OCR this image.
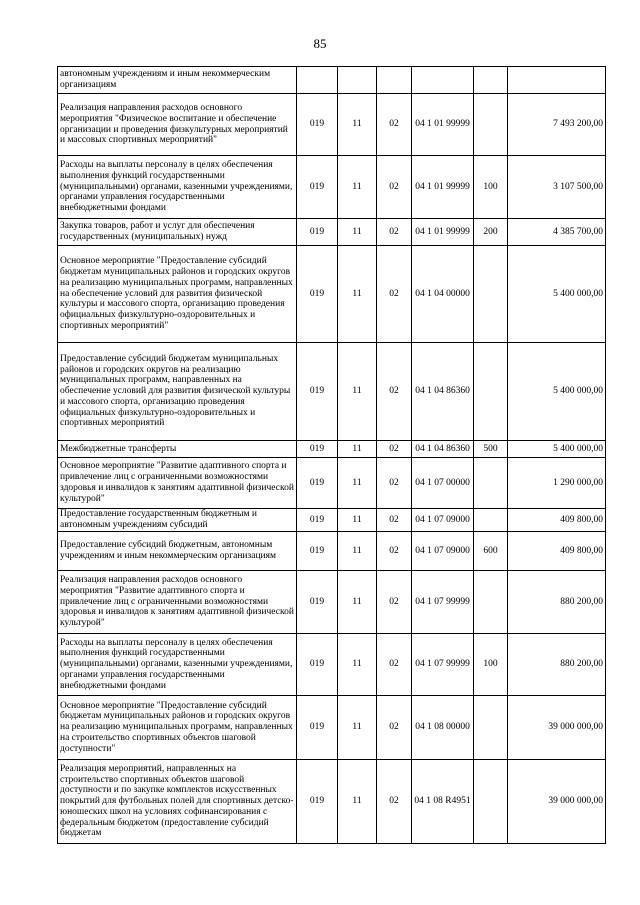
85
автономным учреждениям и иным некоммерческим организациям						
Реализация направления расходов основного мероприятия "Физическое воспитание и обеспечение организации и проведения физкультурных мероприятий и массовых спортивных мероприятий"	019	11	02	04 1 01 99999		7 493 200,00
Расходы на выплаты персоналу в целях обеспечения выполнения функций государственными (муниципальными) органами, казенными учреждениями, органами управления государственными внебюджетными фондами	019	11	02	04 1 01 99999	100	3 107 500,00
Закупка товаров, работ и услуг для обеспечения государственных (муниципальных) нужд	019	11	02	04 1 01 99999	200	4 385 700,00
Основное мероприятие "Предоставление субсидий бюджетам муниципальных районов и городских округов на реализацию муниципальных программ, направленных на обеспечение условий для развития физической культуры и массового спорта, организацию проведения официальных физкультурно-оздоровительных и спортивных мероприятий"	019	11	02	04 1 04 00000		5 400 000,00
Предоставление субсидий бюджетам муниципальных районов и городских округов на реализацию муниципальных программ, направленных на обеспечение условий для развития физической культуры и массового спорта, организацию проведения официальных физкультурно-оздоровительных и спортивных мероприятий	019	11	02	04 1 04 86360		5 400 000,00
Межбюджетные трансферты	019	11	02	04 1 04 86360	500	5 400 000,00
Основное мероприятие "Развитие адаптивного спорта и привлечение лиц с ограниченными возможностями здоровья и инвалидов к занятиям адаптивной физической культурой"	019	11	02	04 1 07 00000		1 290 000,00
Предоставление государственным бюджетным и автономным учреждениям субсидий	019	11	02	04 1 07 09000		409 800,00
Предоставление субсидий бюджетным, автономным учреждениям и иным некоммерческим организациям	019	11	02	04 1 07 09000	600	409 800,00
Реализация направления расходов основного мероприятия "Развитие адаптивного спорта и привлечение лиц с ограниченными возможностями здоровья и инвалидов к занятиям адаптивной физической культурой"	019	11	02	04 1 07 99999		880 200,00
Расходы на выплаты персоналу в целях обеспечения выполнения функций государственными (муниципальными) органами, казенными учреждениями, органами управления государственными внебюджетными фондами	019	11	02	04 1 07 99999	100	880 200,00
Основное мероприятие "Предоставление субсидий бюджетам муниципальных районов и городских округов на реализацию муниципальных программ, направленных на строительство спортивных объектов шаговой доступности"	019	11	02	04 1 08 00000		39 000 000,00
Реализация мероприятий, направленных на строительство спортивных объектов шаговой доступности и по закупке комплектов искусственных покрытий для футбольных полей для спортивных детско-юношеских школ на условиях софинансирования с федеральным бюджетом (предоставление субсидий бюджетам	019	11	02	04 1 08 R4951		39 000 000,00
